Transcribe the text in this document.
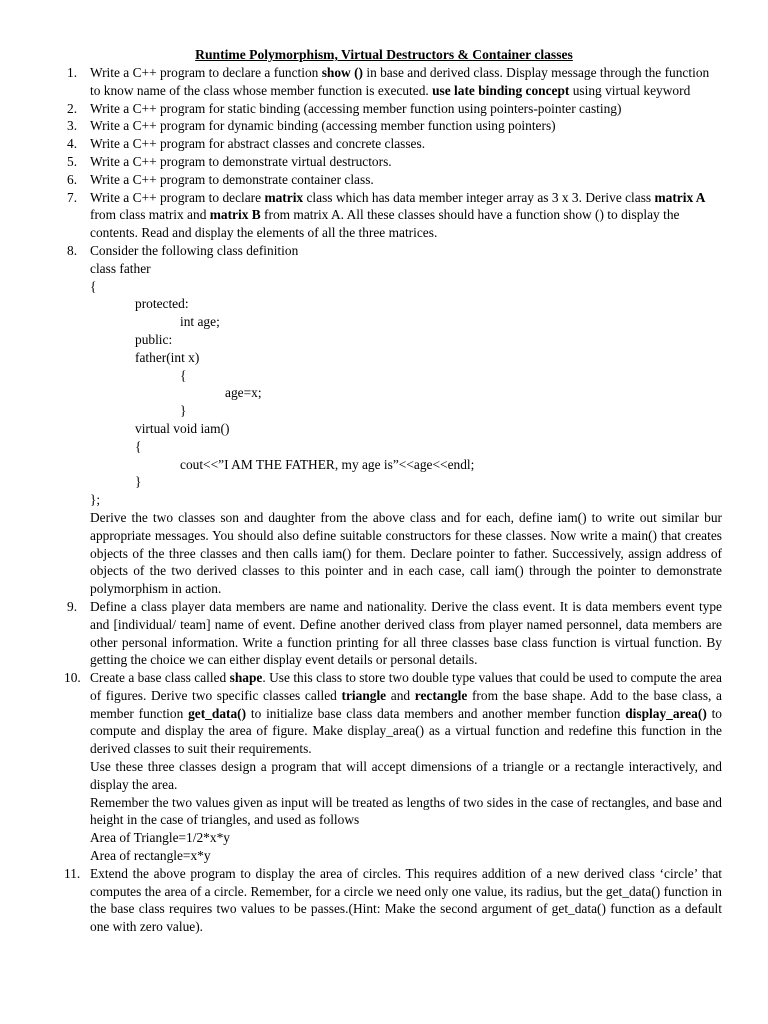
Runtime Polymorphism, Virtual Destructors & Container classes
1. Write a C++ program to declare a function show () in base and derived class. Display message through the function to know name of the class whose member function is executed. use late binding concept using virtual keyword
2. Write a C++ program for static binding (accessing member function using pointers-pointer casting)
3. Write a C++ program for dynamic binding (accessing member function using pointers)
4. Write a C++ program for abstract classes and concrete classes.
5. Write a C++ program to demonstrate virtual destructors.
6. Write a C++ program to demonstrate container class.
7. Write a C++ program to declare matrix class which has data member integer array as 3 x 3. Derive class matrix A from class matrix and matrix B from matrix A. All these classes should have a function show () to display the contents. Read and display the elements of all the three matrices.
8. Consider the following class definition
class father
{
protected:
int age;
public:
father(int x)
{
age=x;
}
virtual void iam()
{
cout<<”I AM THE FATHER, my age is”<<age<<endl;
}
};
Derive the two classes son and daughter from the above class and for each, define iam() to write out similar bur appropriate messages. You should also define suitable constructors for these classes. Now write a main() that creates objects of the three classes and then calls iam() for them. Declare pointer to father. Successively, assign address of objects of the two derived classes to this pointer and in each case, call iam() through the pointer to demonstrate polymorphism in action.
9. Define a class player data members are name and nationality. Derive the class event. It is data members event type and [individual/ team] name of event. Define another derived class from player named personnel, data members are other personal information. Write a function printing for all three classes base class function is virtual function. By getting the choice we can either display event details or personal details.
10. Create a base class called shape. Use this class to store two double type values that could be used to compute the area of figures. Derive two specific classes called triangle and rectangle from the base shape. Add to the base class, a member function get_data() to initialize base class data members and another member function display_area() to compute and display the area of figure. Make display_area() as a virtual function and redefine this function in the derived classes to suit their requirements.
Use these three classes design a program that will accept dimensions of a triangle or a rectangle interactively, and display the area.
Remember the two values given as input will be treated as lengths of two sides in the case of rectangles, and base and height in the case of triangles, and used as follows
Area of Triangle=1/2*x*y
Area of rectangle=x*y
11. Extend the above program to display the area of circles. This requires addition of a new derived class ‘circle’ that computes the area of a circle. Remember, for a circle we need only one value, its radius, but the get_data() function in the base class requires two values to be passes.(Hint: Make the second argument of get_data() function as a default one with zero value).
